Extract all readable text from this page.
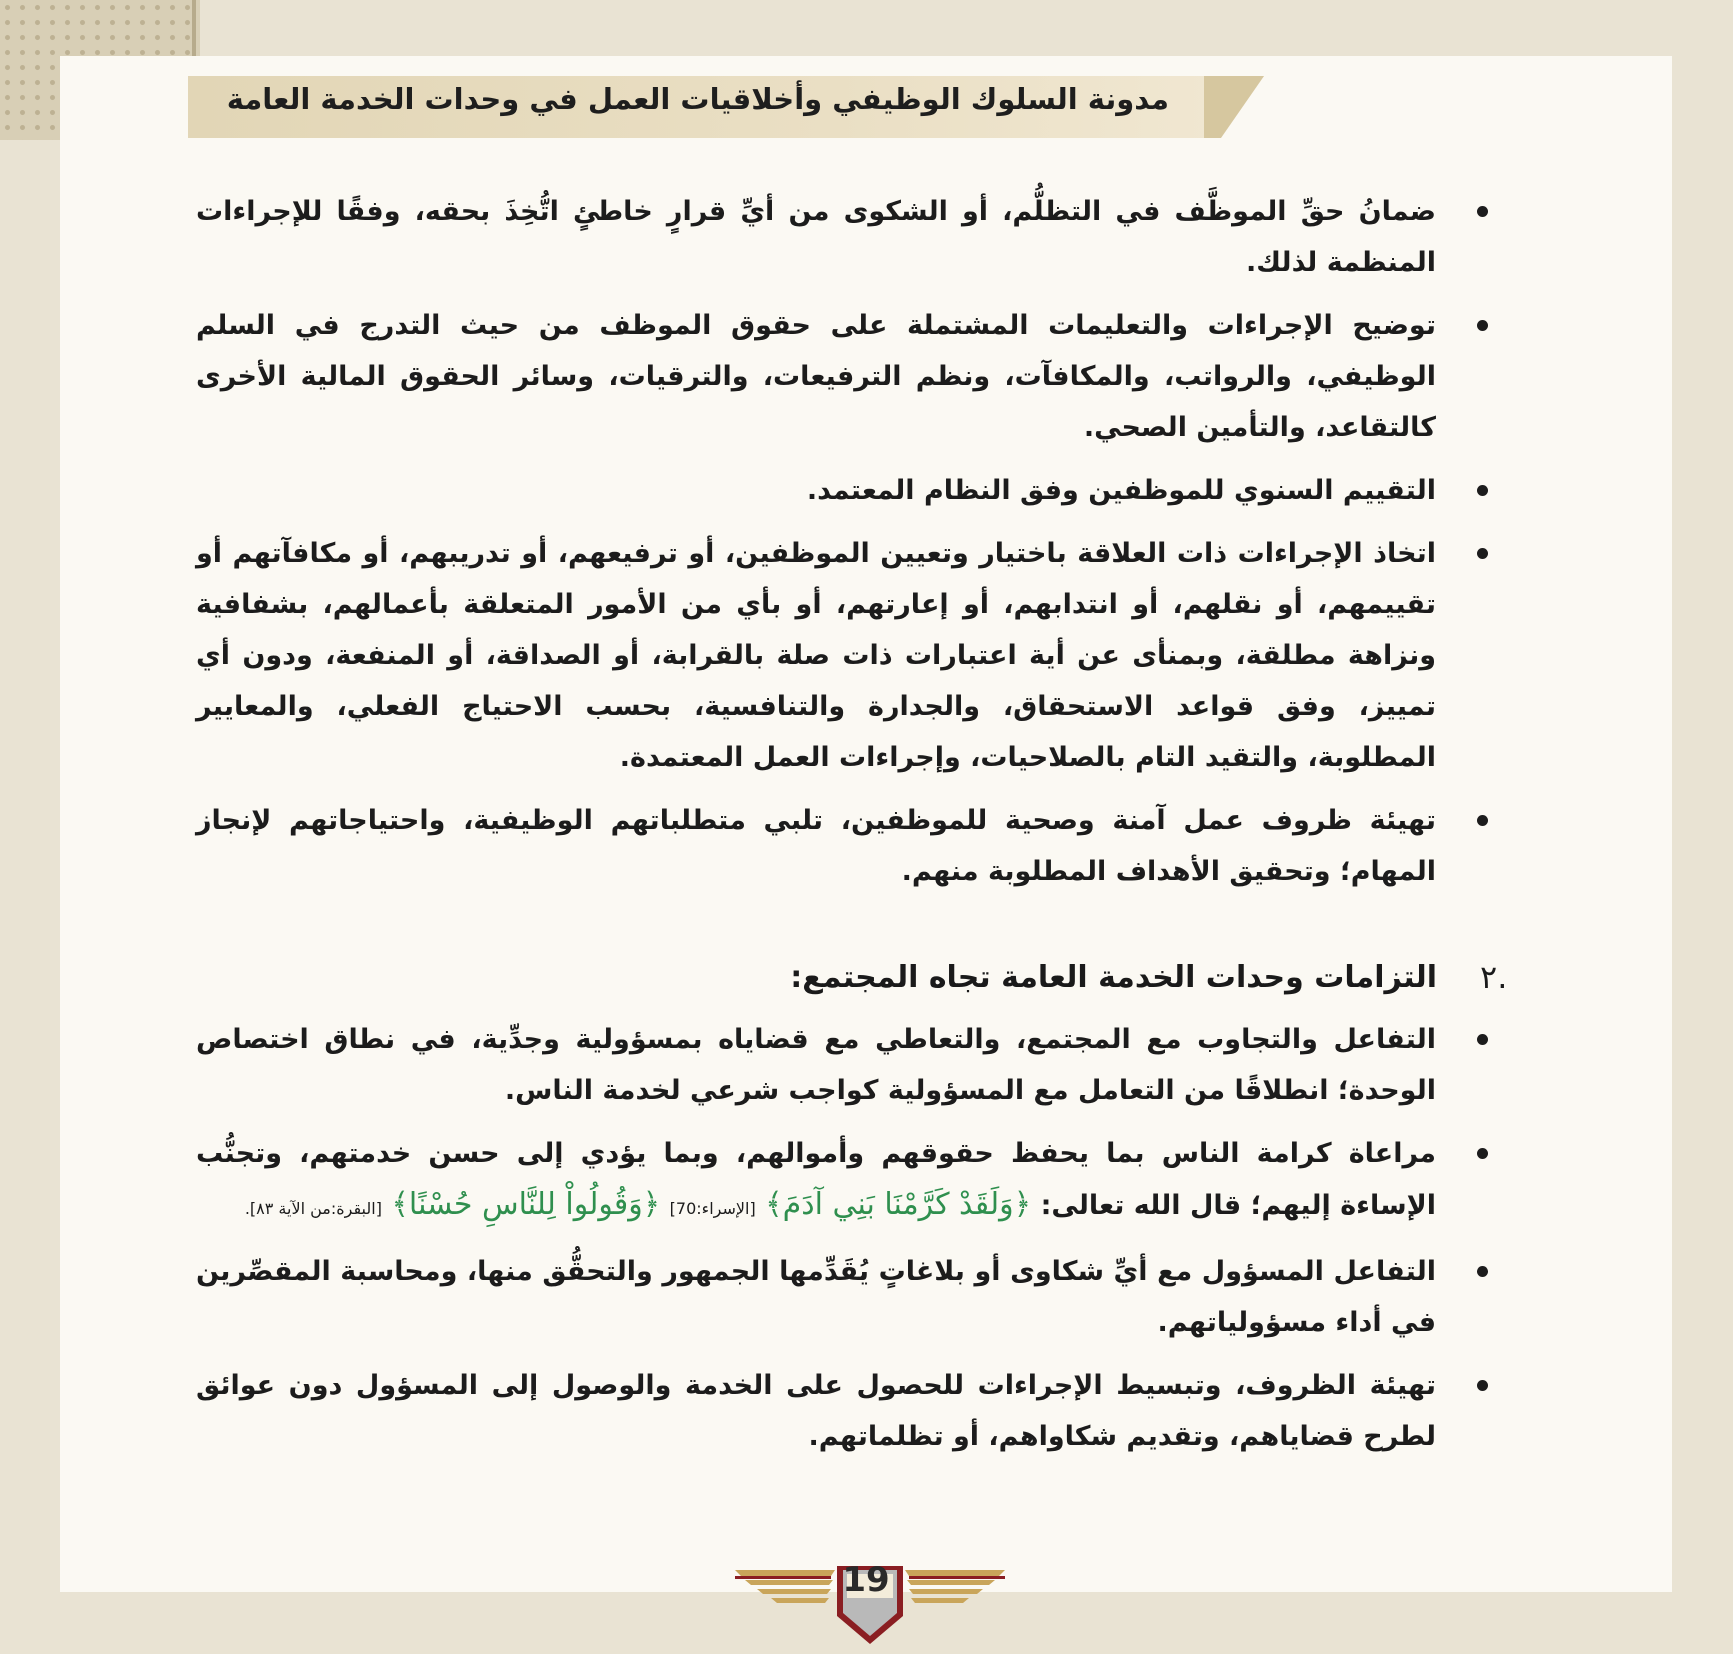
مدونة السلوك الوظيفي وأخلاقيات العمل في وحدات الخدمة العامة
ضمانُ حقِّ الموظَّف في التظلُّم، أو الشكوى من أيِّ قرارٍ خاطئٍ اتُّخِذَ بحقه، وفقًا للإجراءات المنظمة لذلك.
توضيح الإجراءات والتعليمات المشتملة على حقوق الموظف من حيث التدرج في السلم الوظيفي، والرواتب، والمكافآت، ونظم الترفيعات، والترقيات، وسائر الحقوق المالية الأخرى كالتقاعد، والتأمين الصحي.
التقييم السنوي للموظفين وفق النظام المعتمد.
اتخاذ الإجراءات ذات العلاقة باختيار وتعيين الموظفين، أو ترفيعهم، أو تدريبهم، أو مكافآتهم أو تقييمهم، أو نقلهم، أو انتدابهم، أو إعارتهم، أو بأي من الأمور المتعلقة بأعمالهم، بشفافية ونزاهة مطلقة، وبمنأى عن أية اعتبارات ذات صلة بالقرابة، أو الصداقة، أو المنفعة، ودون أي تمييز، وفق قواعد الاستحقاق، والجدارة والتنافسية، بحسب الاحتياج الفعلي، والمعايير المطلوبة، والتقيد التام بالصلاحيات، وإجراءات العمل المعتمدة.
تهيئة ظروف عمل آمنة وصحية للموظفين، تلبي متطلباتهم الوظيفية، واحتياجاتهم لإنجاز المهام؛ وتحقيق الأهداف المطلوبة منهم.
٢.
التزامات وحدات الخدمة العامة تجاه المجتمع:
التفاعل والتجاوب مع المجتمع، والتعاطي مع قضاياه بمسؤولية وجدِّية، في نطاق اختصاص الوحدة؛ انطلاقًا من التعامل مع المسؤولية كواجب شرعي لخدمة الناس.
مراعاة كرامة الناس بما يحفظ حقوقهم وأموالهم، وبما يؤدي إلى حسن خدمتهم، وتجنُّب الإساءة إليهم؛ قال الله تعالى: ﴿وَلَقَدْ كَرَّمْنَا بَنِي آدَمَ﴾ [الإسراء:70] ﴿وَقُولُواْ لِلنَّاسِ حُسْنًا﴾ [البقرة:من الآية ٨٣].
التفاعل المسؤول مع أيِّ شكاوى أو بلاغاتٍ يُقَدِّمها الجمهور والتحقُّق منها، ومحاسبة المقصِّرين في أداء مسؤولياتهم.
تهيئة الظروف، وتبسيط الإجراءات للحصول على الخدمة والوصول إلى المسؤول دون عوائق لطرح قضاياهم، وتقديم شكاواهم، أو تظلماتهم.
19
